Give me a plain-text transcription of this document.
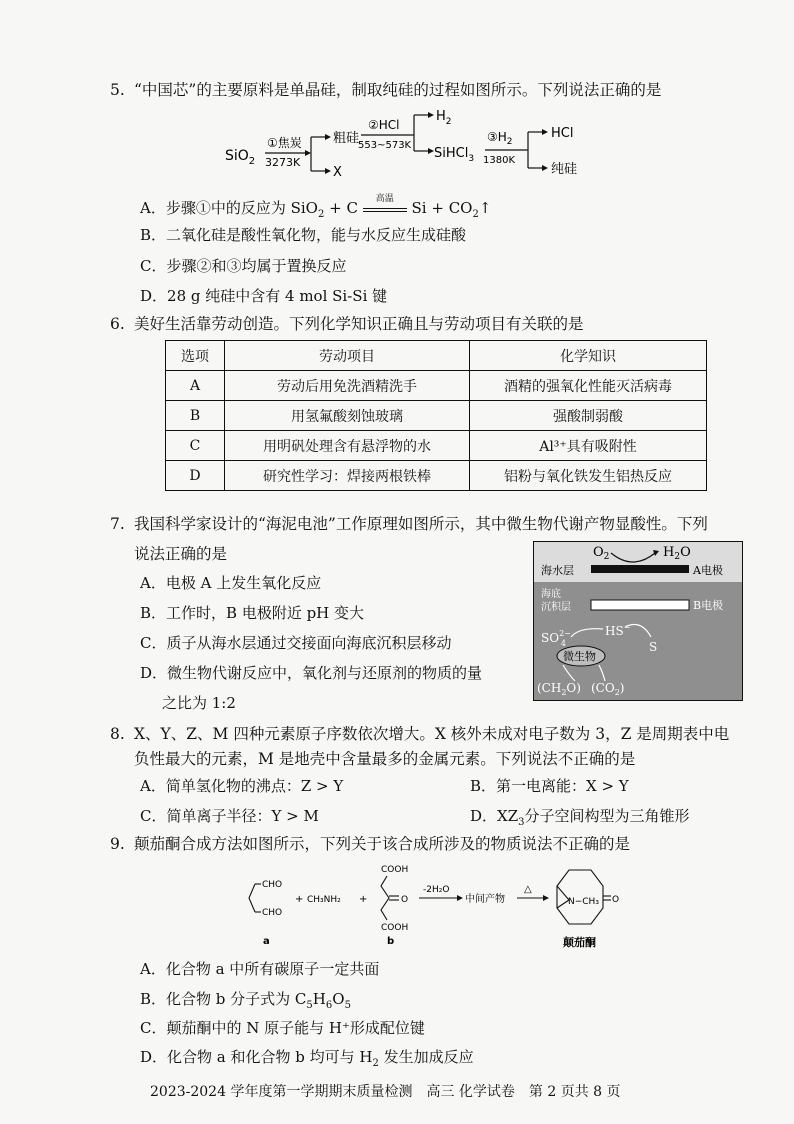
5. “中国芯”的主要原料是单晶硅，制取纯硅的过程如图所示。下列说法正确的是
SiO$_2$
①焦炭
3273K
粗硅
X
②HCl
553~573K
$H_2$
SiHCl$_3$
$③H_2$
1380K
HCl
纯硅
A．步骤①中的反应为 SiO$_2$ + C	高温	$Si + CO_2↑$
B．二氧化硅是酸性氧化物，能与水反应生成硅酸
C．步骤②和③均属于置换反应
D．28 g 纯硅中含有 4 mol Si-Si 键
6. 美好生活靠劳动创造。下列化学知识正确且与劳动项目有关联的是
选项	劳动项目	化学知识
A	劳动后用免洗酒精洗手	酒精的强氧化性能灭活病毒
B	用氢氟酸刻蚀玻璃	强酸制弱酸
C	用明矾处理含有悬浮物的水	Al³⁺具有吸附性
D	研究性学习：焊接两根铁棒	铝粉与氧化铁发生铝热反应
7. 我国科学家设计的“海泥电池”工作原理如图所示，其中微生物代谢产物显酸性。下列
说法正确的是
A．电极 A 上发生氧化反应
B．工作时，B 电极附近 pH 变大
C．质子从海水层通过交接面向海底沉积层移动
D．微生物代谢反应中，氧化剂与还原剂的物质的量
之比为 1:2
$O_2$	$H_2O$
海水层	A电极
海底
沉积层	B电极
$SO^{2-}$ 4
HS−
S
微生物
$(CH_2O)$ $(CO_2)$
8. X、Y、Z、M 四种元素原子序数依次增大。X 核外未成对电子数为 3，Z 是周期表中电
负性最大的元素，M 是地壳中含量最多的金属元素。下列说法不正确的是
A．简单氢化物的沸点：Z > Y	B．第一电离能：X > Y
C．简单离子半径：Y > M	D．$XZ_3$分子空间构型为三角锥形
9. 颠茄酮合成方法如图所示，下列关于该合成所涉及的物质说法不正确的是
CHO
CHO
a
+ CH₃NH₂ +
COOH
O
COOH
b
-2H₂O
中间产物
△
N−CH₃ O
颠茄酮
A．化合物 a 中所有碳原子一定共面
B．化合物 b 分子式为 $C_5H_6O_5$
C．颠茄酮中的 N 原子能与 H⁺形成配位键
D．化合物 a 和化合物 b 均可与 $H_2$ 发生加成反应
2023-2024 学年度第一学期期末质量检测　高三 化学试卷　第 2 页共 8 页
